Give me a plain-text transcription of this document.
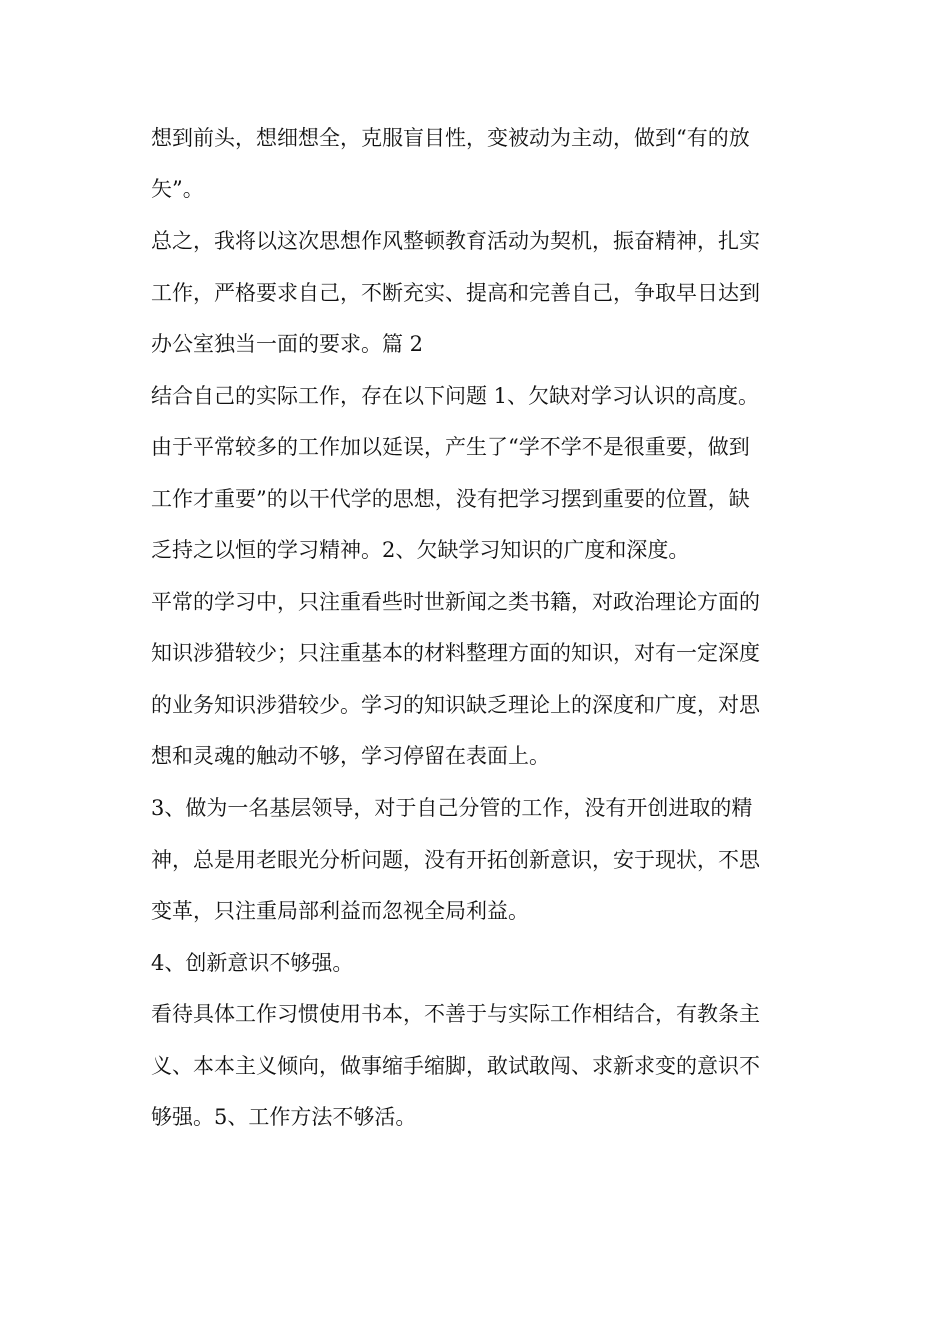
想到前头，想细想全，克服盲目性，变被动为主动，做到“有的放
矢”。
总之，我将以这次思想作风整顿教育活动为契机，振奋精神，扎实
工作，严格要求自己，不断充实、提高和完善自己，争取早日达到
办公室独当一面的要求。篇 2
结合自己的实际工作，存在以下问题 1、欠缺对学习认识的高度。
由于平常较多的工作加以延误，产生了“学不学不是很重要，做到
工作才重要”的以干代学的思想，没有把学习摆到重要的位置，缺
乏持之以恒的学习精神。2、欠缺学习知识的广度和深度。
平常的学习中，只注重看些时世新闻之类书籍，对政治理论方面的
知识涉猎较少；只注重基本的材料整理方面的知识，对有一定深度
的业务知识涉猎较少。学习的知识缺乏理论上的深度和广度，对思
想和灵魂的触动不够，学习停留在表面上。
3、做为一名基层领导，对于自己分管的工作，没有开创进取的精
神，总是用老眼光分析问题，没有开拓创新意识，安于现状，不思
变革，只注重局部利益而忽视全局利益。
4、创新意识不够强。
看待具体工作习惯使用书本，不善于与实际工作相结合，有教条主
义、本本主义倾向，做事缩手缩脚，敢试敢闯、求新求变的意识不
够强。5、工作方法不够活。
